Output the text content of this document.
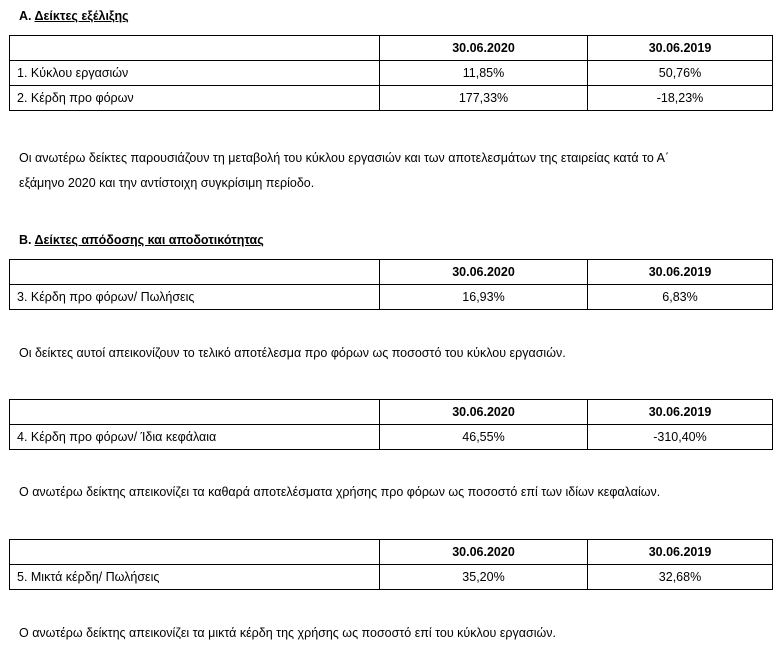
Α. Δείκτες εξέλιξης
	30.06.2020	30.06.2019
1. Κύκλου εργασιών	11,85%	50,76%
2. Κέρδη προ φόρων	177,33%	-18,23%
Οι ανωτέρω δείκτες παρουσιάζουν τη μεταβολή του κύκλου εργασιών και των αποτελεσμάτων της εταιρείας κατά το Α΄
εξάμηνο 2020 και την αντίστοιχη συγκρίσιμη περίοδο.
Β. Δείκτες απόδοσης και αποδοτικότητας
	30.06.2020	30.06.2019
3. Κέρδη προ φόρων/ Πωλήσεις	16,93%	6,83%
Οι δείκτες αυτοί απεικονίζουν το τελικό αποτέλεσμα προ φόρων ως ποσοστό του κύκλου εργασιών.
	30.06.2020	30.06.2019
4. Κέρδη προ φόρων/ Ίδια κεφάλαια	46,55%	-310,40%
Ο ανωτέρω δείκτης απεικονίζει τα καθαρά αποτελέσματα χρήσης προ φόρων ως ποσοστό επί των ιδίων κεφαλαίων.
	30.06.2020	30.06.2019
5. Μικτά κέρδη/ Πωλήσεις	35,20%	32,68%
Ο ανωτέρω δείκτης απεικονίζει τα μικτά κέρδη της χρήσης ως ποσοστό επί του κύκλου εργασιών.
